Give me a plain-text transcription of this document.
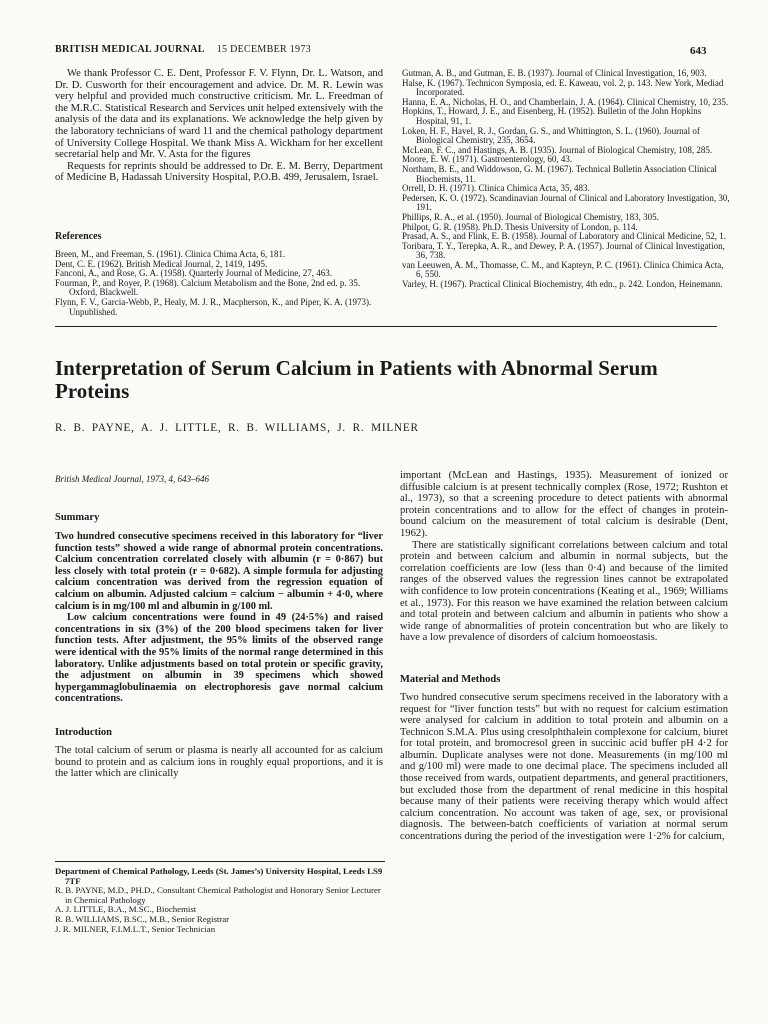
BRITISH MEDICAL JOURNAL 15 DECEMBER 1973	643

We thank Professor C. E. Dent, Professor F. V. Flynn, Dr. L. Watson, and Dr. D. Cusworth for their encouragement and advice. Dr. M. R. Lewin was very helpful and provided much constructive criticism. Mr. L. Freedman of the M.R.C. Statistical Research and Services unit helped extensively with the analysis of the data and its explanations. We acknowledge the help given by the laboratory technicians of ward 11 and the chemical pathology department of University College Hospital. We thank Miss A. Wickham for her excellent secretarial help and Mr. V. Asta for the figures

Requests for reprints should be addressed to Dr. E. M. Berry, Department of Medicine B, Hadassah University Hospital, P.O.B. 499, Jerusalem, Israel.

References

Breen, M., and Freeman, S. (1961). Clinica Chima Acta, 6, 181.

Dent, C. E. (1962). British Medical Journal, 2, 1419, 1495.

Fanconi, A., and Rose, G. A. (1958). Quarterly Journal of Medicine, 27, 463.

Fourman, P., and Royer, P. (1968). Calcium Metabolism and the Bone, 2nd ed. p. 35. Oxford, Blackwell.

Flynn, F. V., Garcia-Webb, P., Healy, M. J. R., Macpherson, K., and Piper, K. A. (1973). Unpublished.

Gutman, A. B., and Gutman, E. B. (1937). Journal of Clinical Investigation, 16, 903.

Halse, K. (1967). Technicon Symposia, ed. E. Kaweau, vol. 2, p. 143. New York, Mediad Incorporated.

Hanna, E. A., Nicholas, H. O., and Chamberlain, J. A. (1964). Clinical Chemistry, 10, 235.

Hopkins, T., Howard, J. E., and Eisenberg, H. (1952). Bulletin of the John Hopkins Hospital, 91, 1.

Loken, H. F., Havel, R. J., Gordan, G. S., and Whittington, S. L. (1960). Journal of Biological Chemistry, 235, 3654.

McLean, F. C., and Hastings, A. B. (1935). Journal of Biological Chemistry, 108, 285.

Moore, E. W. (1971). Gastroenterology, 60, 43.

Northam, B. E., and Widdowson, G. M. (1967). Technical Bulletin Association Clinical Biochemists, 11.

Orrell, D. H. (1971). Clinica Chimica Acta, 35, 483.

Pedersen, K. O. (1972). Scandinavian Journal of Clinical and Laboratory Investigation, 30, 191.

Phillips, R. A., et al. (1950). Journal of Biological Chemistry, 183, 305.

Philpot, G. R. (1958). Ph.D. Thesis University of London, p. 114.

Prasad, A. S., and Flink, E. B. (1958). Journal of Laboratory and Clinical Medicine, 52, 1.

Toribara, T. Y., Terepka, A. R., and Dewey, P. A. (1957). Journal of Clinical Investigation, 36, 738.

van Leeuwen, A. M., Thomasse, C. M., and Kapteyn, P. C. (1961). Clinica Chimica Acta, 6, 550.

Varley, H. (1967). Practical Clinical Biochemistry, 4th edn., p. 242. London, Heinemann.

Interpretation of Serum Calcium in Patients with Abnormal Serum Proteins
R. B. PAYNE, A. J. LITTLE, R. B. WILLIAMS, J. R. MILNER
British Medical Journal, 1973, 4, 643–646

Summary

Two hundred consecutive specimens received in this laboratory for “liver function tests” showed a wide range of abnormal protein concentrations. Calcium concentration correlated closely with albumin (r = 0·867) but less closely with total protein (r = 0·682). A simple formula for adjusting calcium concentration was derived from the regression equation of calcium on albumin. Adjusted calcium = calcium − albumin + 4·0, where calcium is in mg/100 ml and albumin in g/100 ml.

Low calcium concentrations were found in 49 (24·5%) and raised concentrations in six (3%) of the 200 blood specimens taken for liver function tests. After adjustment, the 95% limits of the observed range were identical with the 95% limits of the normal range determined in this laboratory. Unlike adjustments based on total protein or specific gravity, the adjustment on albumin in 39 specimens which showed hypergammaglobulinaemia on electrophoresis gave normal calcium concentrations.

Introduction

The total calcium of serum or plasma is nearly all accounted for as calcium bound to protein and as calcium ions in roughly equal proportions, and it is the latter which are clinically

Department of Chemical Pathology, Leeds (St. James’s) University Hospital, Leeds LS9 7TF

R. B. PAYNE, M.D., PH.D., Consultant Chemical Pathologist and Honorary Senior Lecturer in Chemical Pathology

A. J. LITTLE, B.A., M.SC., Biochemist

R. B. WILLIAMS, B.SC., M.B., Senior Registrar

J. R. MILNER, F.I.M.L.T., Senior Technician

important (McLean and Hastings, 1935). Measurement of ionized or diffusible calcium is at present technically complex (Rose, 1972; Rushton et al., 1973), so that a screening procedure to detect patients with abnormal protein concentrations and to allow for the effect of changes in protein-bound calcium on the measurement of total calcium is desirable (Dent, 1962).

There are statistically significant correlations between calcium and total protein and between calcium and albumin in normal subjects, but the correlation coefficients are low (less than 0·4) and because of the limited ranges of the observed values the regression lines cannot be extrapolated with confidence to low protein concentrations (Keating et al., 1969; Williams et al., 1973). For this reason we have examined the relation between calcium and total protein and between calcium and albumin in patients who show a wide range of abnormalities of protein concentration but who are likely to have a low prevalence of disorders of calcium homoeostasis.

Material and Methods

Two hundred consecutive serum specimens received in the laboratory with a request for “liver function tests” but with no request for calcium estimation were analysed for calcium in addition to total protein and albumin on a Technicon S.M.A. Plus using cresolphthalein complexone for calcium, biuret for total protein, and bromocresol green in succinic acid buffer pH 4·2 for albumin. Duplicate analyses were not done. Measurements (in mg/100 ml and g/100 ml) were made to one decimal place. The specimens included all those received from wards, outpatient departments, and general practitioners, but excluded those from the department of renal medicine in this hospital because many of their patients were receiving therapy which would affect calcium concentration. No account was taken of age, sex, or provisional diagnosis. The between-batch coefficients of variation at normal serum concentrations during the period of the investigation were 1·2% for calcium,
